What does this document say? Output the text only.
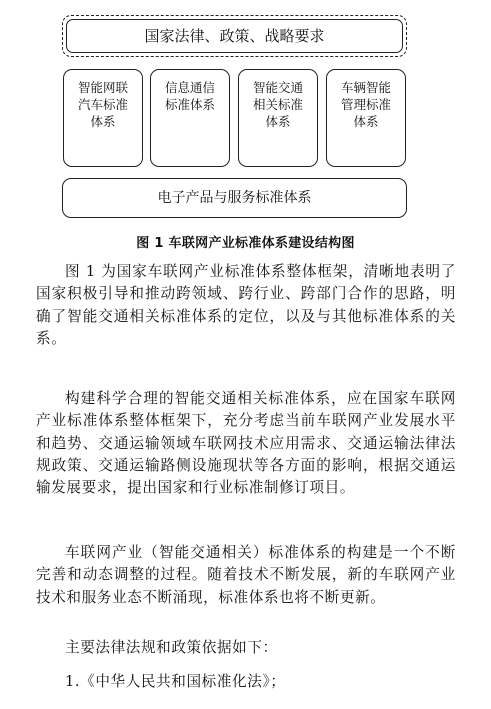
国家法律、政策、战略要求
智能网联汽车标准体系
信息通信标准体系
智能交通相关标准体系
车辆智能管理标准体系
电子产品与服务标准体系
图 1 车联网产业标准体系建设结构图

图 1 为国家车联网产业标准体系整体框架，清晰地表明了国家积极引导和推动跨领域、跨行业、跨部门合作的思路，明确了智能交通相关标准体系的定位，以及与其他标准体系的关系。

构建科学合理的智能交通相关标准体系，应在国家车联网产业标准体系整体框架下，充分考虑当前车联网产业发展水平和趋势、交通运输领域车联网技术应用需求、交通运输法律法规政策、交通运输路侧设施现状等各方面的影响，根据交通运输发展要求，提出国家和行业标准制修订项目。

车联网产业（智能交通相关）标准体系的构建是一个不断完善和动态调整的过程。随着技术不断发展，新的车联网产业技术和服务业态不断涌现，标准体系也将不断更新。

主要法律法规和政策依据如下：

1.《中华人民共和国标准化法》；
